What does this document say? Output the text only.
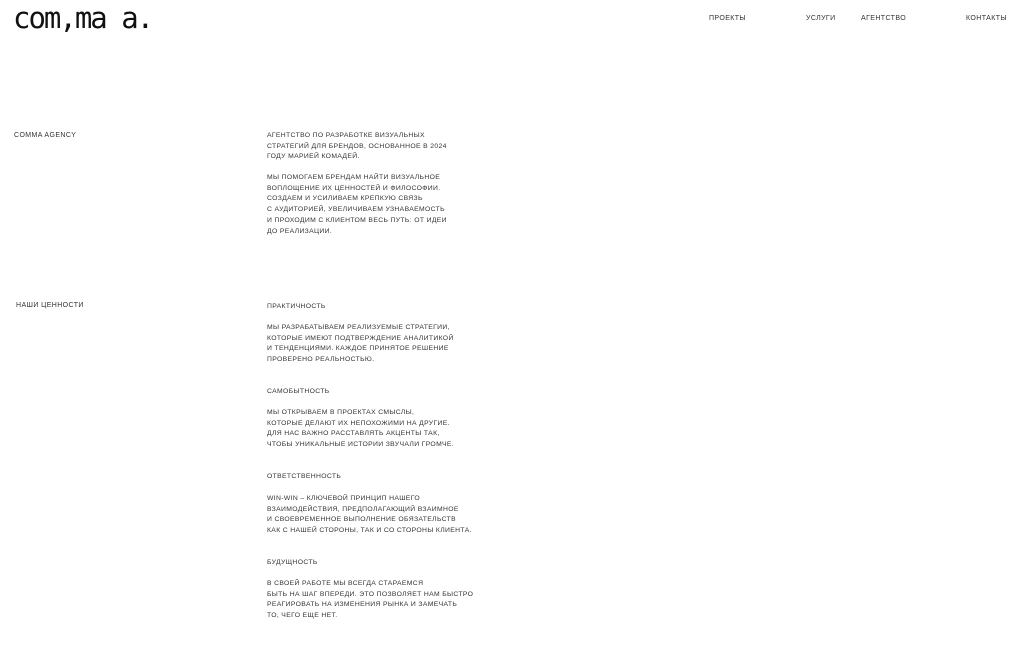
com,ma a.	ПРОЕКТЫ	УСЛУГИ	АГЕНТСТВО	КОНТАКТЫ
COMMA AGENCY	АГЕНТСТВО ПО РАЗРАБОТКЕ ВИЗУАЛЬНЫХ
СТРАТЕГИЙ ДЛЯ БРЕНДОВ, ОСНОВАННОЕ В 2024
ГОДУ МАРИЕЙ КОМАДЕЙ.
МЫ ПОМОГАЕМ БРЕНДАМ НАЙТИ ВИЗУАЛЬНОЕ
ВОПЛОЩЕНИЕ ИХ ЦЕННОСТЕЙ И ФИЛОСОФИИ.
СОЗДАЕМ И УСИЛИВАЕМ КРЕПКУЮ СВЯЗЬ
С АУДИТОРИЕЙ, УВЕЛИЧИВАЕМ УЗНАВАЕМОСТЬ
И ПРОХОДИМ С КЛИЕНТОМ ВЕСЬ ПУТЬ: ОТ ИДЕИ
ДО РЕАЛИЗАЦИИ.
НАШИ ЦЕННОСТИ	ПРАКТИЧНОСТЬ
МЫ РАЗРАБАТЫВАЕМ РЕАЛИЗУЕМЫЕ СТРАТЕГИИ,
КОТОРЫЕ ИМЕЮТ ПОДТВЕРЖДЕНИЕ АНАЛИТИКОЙ
И ТЕНДЕНЦИЯМИ. КАЖДОЕ ПРИНЯТОЕ РЕШЕНИЕ
ПРОВЕРЕНО РЕАЛЬНОСТЬЮ.
САМОБЫТНОСТЬ
МЫ ОТКРЫВАЕМ В ПРОЕКТАХ СМЫСЛЫ,
КОТОРЫЕ ДЕЛАЮТ ИХ НЕПОХОЖИМИ НА ДРУГИЕ.
ДЛЯ НАС ВАЖНО РАССТАВЛЯТЬ АКЦЕНТЫ ТАК,
ЧТОБЫ УНИКАЛЬНЫЕ ИСТОРИИ ЗВУЧАЛИ ГРОМЧЕ.
ОТВЕТСТВЕННОСТЬ
WIN-WIN – КЛЮЧЕВОЙ ПРИНЦИП НАШЕГО
ВЗАИМОДЕЙСТВИЯ, ПРЕДПОЛАГАЮЩИЙ ВЗАИМНОЕ
И СВОЕВРЕМЕННОЕ ВЫПОЛНЕНИЕ ОБЯЗАТЕЛЬСТВ
КАК С НАШЕЙ СТОРОНЫ, ТАК И СО СТОРОНЫ КЛИЕНТА.
БУДУЩНОСТЬ
В СВОЕЙ РАБОТЕ МЫ ВСЕГДА СТАРАЕМСЯ
БЫТЬ НА ШАГ ВПЕРЕДИ. ЭТО ПОЗВОЛЯЕТ НАМ БЫСТРО
РЕАГИРОВАТЬ НА ИЗМЕНЕНИЯ РЫНКА И ЗАМЕЧАТЬ
ТО, ЧЕГО ЕЩЕ НЕТ.
